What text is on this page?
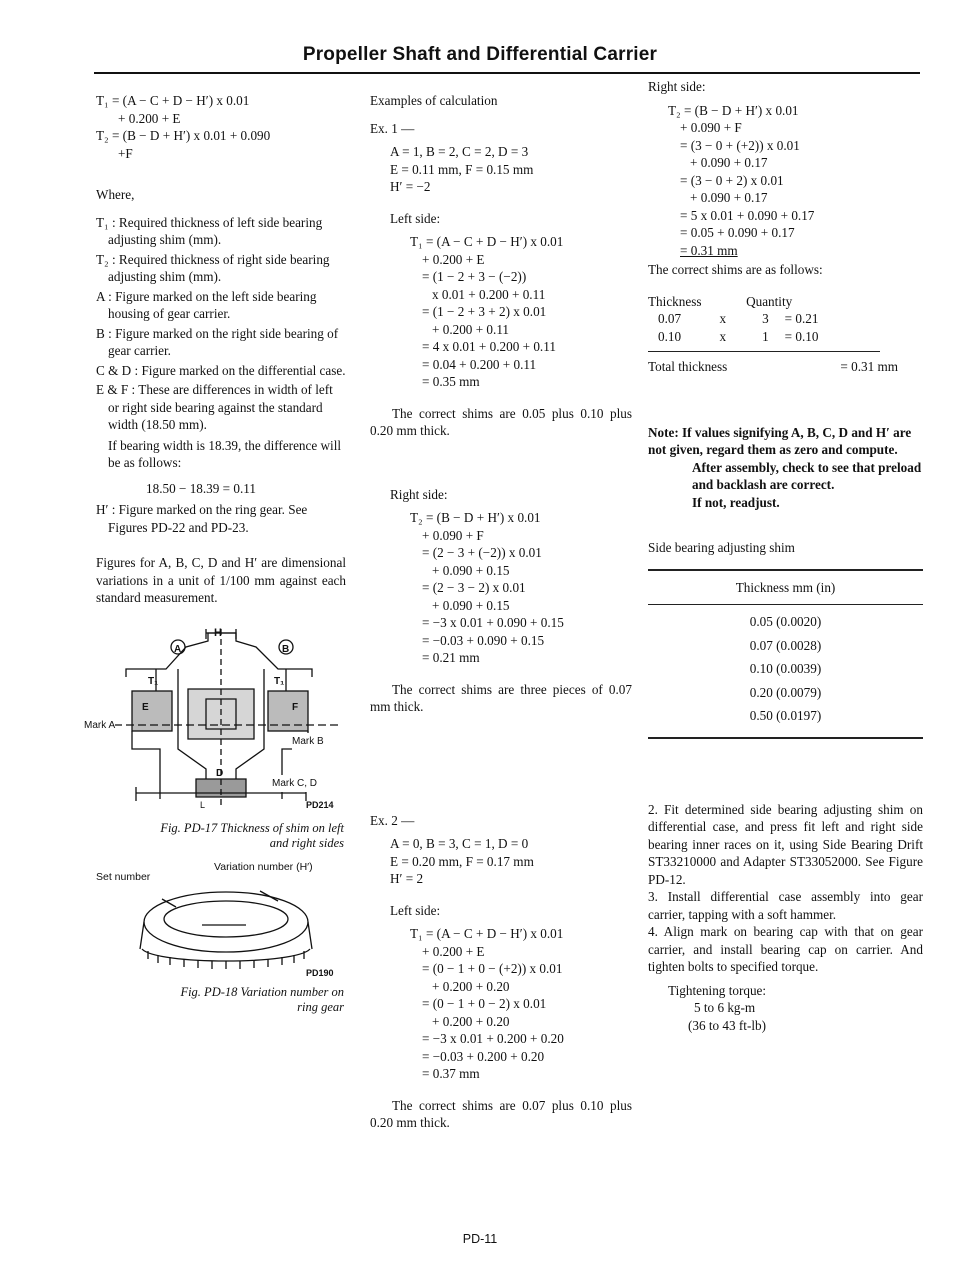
Propeller Shaft and Differential Carrier

T₁ = (A − C + D − H′) x 0.01

+ 0.200 + E

T₂ = (B − D + H′) x 0.01 + 0.090

+F

Where,

T₁ : Required thickness of left side bearing adjusting shim (mm).
T₂ : Required thickness of right side bearing adjusting shim (mm).
A : Figure marked on the left side bearing housing of gear carrier.
B : Figure marked on the right side bearing of gear carrier.
C & D : Figure marked on the differential case.
E & F : These are differences in width of left or right side bearing against the standard width (18.50 mm).

If bearing width is 18.39, the difference will be as follows:

18.50 − 18.39 = 0.11

H′ : Figure marked on the ring gear. See Figures PD-22 and PD-23.

Figures for A, B, C, D and H′ are dimensional variations in a unit of 1/100 mm against each standard measurement.

H
A	B
T₁	T₁
E	F
D
L
Mark A
Mark B
Mark C, D
PD214
Fig. PD-17 Thickness of shim on left
and right sides
Set number
Variation number (H′)
PD190
Fig. PD-18 Variation number on
ring gear

Examples of calculation

Ex. 1 —

A = 1, B = 2, C = 2, D = 3

E = 0.11 mm, F = 0.15 mm

H′ = −2

Left side:

T₁ = (A − C + D − H′) x 0.01

+ 0.200 + E

= (1 − 2 + 3 − (−2))

x 0.01 + 0.200 + 0.11

= (1 − 2 + 3 + 2) x 0.01

+ 0.200 + 0.11

= 4 x 0.01 + 0.200 + 0.11

= 0.04 + 0.200 + 0.11

= 0.35 mm

The correct shims are 0.05 plus 0.10 plus 0.20 mm thick.

Right side:

T₂ = (B − D + H′) x 0.01

+ 0.090 + F

= (2 − 3 + (−2)) x 0.01

+ 0.090 + 0.15

= (2 − 3 − 2) x 0.01

+ 0.090 + 0.15

= −3 x 0.01 + 0.090 + 0.15

= −0.03 + 0.090 + 0.15

= 0.21 mm

The correct shims are three pieces of 0.07 mm thick.

Ex. 2 —

A = 0, B = 3, C = 1, D = 0

E = 0.20 mm, F = 0.17 mm

H′ = 2

Left side:

T₁ = (A − C + D − H′) x 0.01

+ 0.200 + E

= (0 − 1 + 0 − (+2)) x 0.01

+ 0.200 + 0.20

= (0 − 1 + 0 − 2) x 0.01

+ 0.200 + 0.20

= −3 x 0.01 + 0.200 + 0.20

= −0.03 + 0.200 + 0.20

= 0.37 mm

The correct shims are 0.07 plus 0.10 plus 0.20 mm thick.

Right side:

T₂ = (B − D + H′) x 0.01

+ 0.090 + F

= (3 − 0 + (+2)) x 0.01

+ 0.090 + 0.17

= (3 − 0 + 2) x 0.01

+ 0.090 + 0.17

= 5 x 0.01 + 0.090 + 0.17

= 0.05 + 0.090 + 0.17

= 0.31 mm

The correct shims are as follows:

Thickness		Quantity	
0.07	x	3	= 0.21
0.10	x	1	= 0.10
Total thickness	= 0.31 mm

Note: If values signifying A, B, C, D and H′ are not given, regard them as zero and compute.

After assembly, check to see that preload and backlash are correct.

If not, readjust.

Side bearing adjusting shim

Thickness mm (in)

0.05 (0.0020)

0.07 (0.0028)

0.10 (0.0039)

0.20 (0.0079)

0.50 (0.0197)

2. Fit determined side bearing adjusting shim on differential case, and press fit left and right side bearing inner races on it, using Side Bearing Drift ST33210000 and Adapter ST33052000. See Figure PD-12.

3. Install differential case assembly into gear carrier, tapping with a soft hammer.

4. Align mark on bearing cap with that on gear carrier, and install bearing cap on carrier. And tighten bolts to specified torque.

Tightening torque:

5 to 6 kg-m

(36 to 43 ft-lb)

PD-11
